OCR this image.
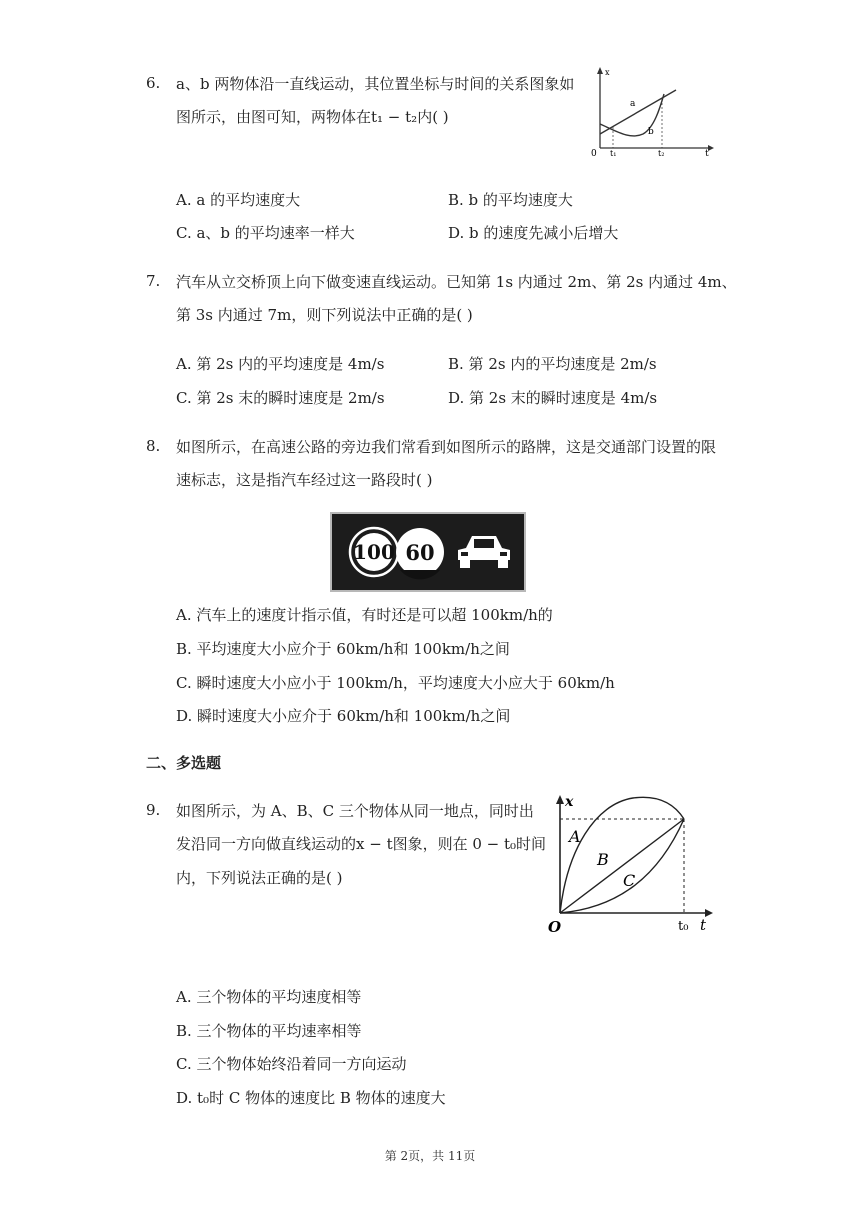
6. a、b 两物体沿一直线运动，其位置坐标与时间的关系图象如
图所示，由图可知，两物体在t₁ − t₂内( )
x
t
0 t₁	t₂
a
b
A. a 的平均速度大	B. b 的平均速度大
C. a、b 的平均速率一样大	D. b 的速度先减小后增大
7. 汽车从立交桥顶上向下做变速直线运动。已知第 1s 内通过 2m、第 2s 内通过 4m、
第 3s 内通过 7m，则下列说法中正确的是( )
A. 第 2s 内的平均速度是 4m/s	B. 第 2s 内的平均速度是 2m/s
C. 第 2s 末的瞬时速度是 2m/s	D. 第 2s 末的瞬时速度是 4m/s
8. 如图所示，在高速公路的旁边我们常看到如图所示的路牌，这是交通部门设置的限
速标志，这是指汽车经过这一路段时( )
100 60
A. 汽车上的速度计指示值，有时还是可以超 100km/h的
B. 平均速度大小应介于 60km/h和 100km/h之间
C. 瞬时速度大小应小于 100km/h，平均速度大小应大于 60km/h
D. 瞬时速度大小应介于 60km/h和 100km/h之间
二、多选题
9. 如图所示，为 A、B、C 三个物体从同一地点，同时出
发沿同一方向做直线运动的x − t图象，则在 0 − t₀时间
内，下列说法正确的是( )
x
t
O	t₀
A
B
C
A. 三个物体的平均速度相等
B. 三个物体的平均速率相等
C. 三个物体始终沿着同一方向运动
D. t₀时 C 物体的速度比 B 物体的速度大
第 2页，共 11页
